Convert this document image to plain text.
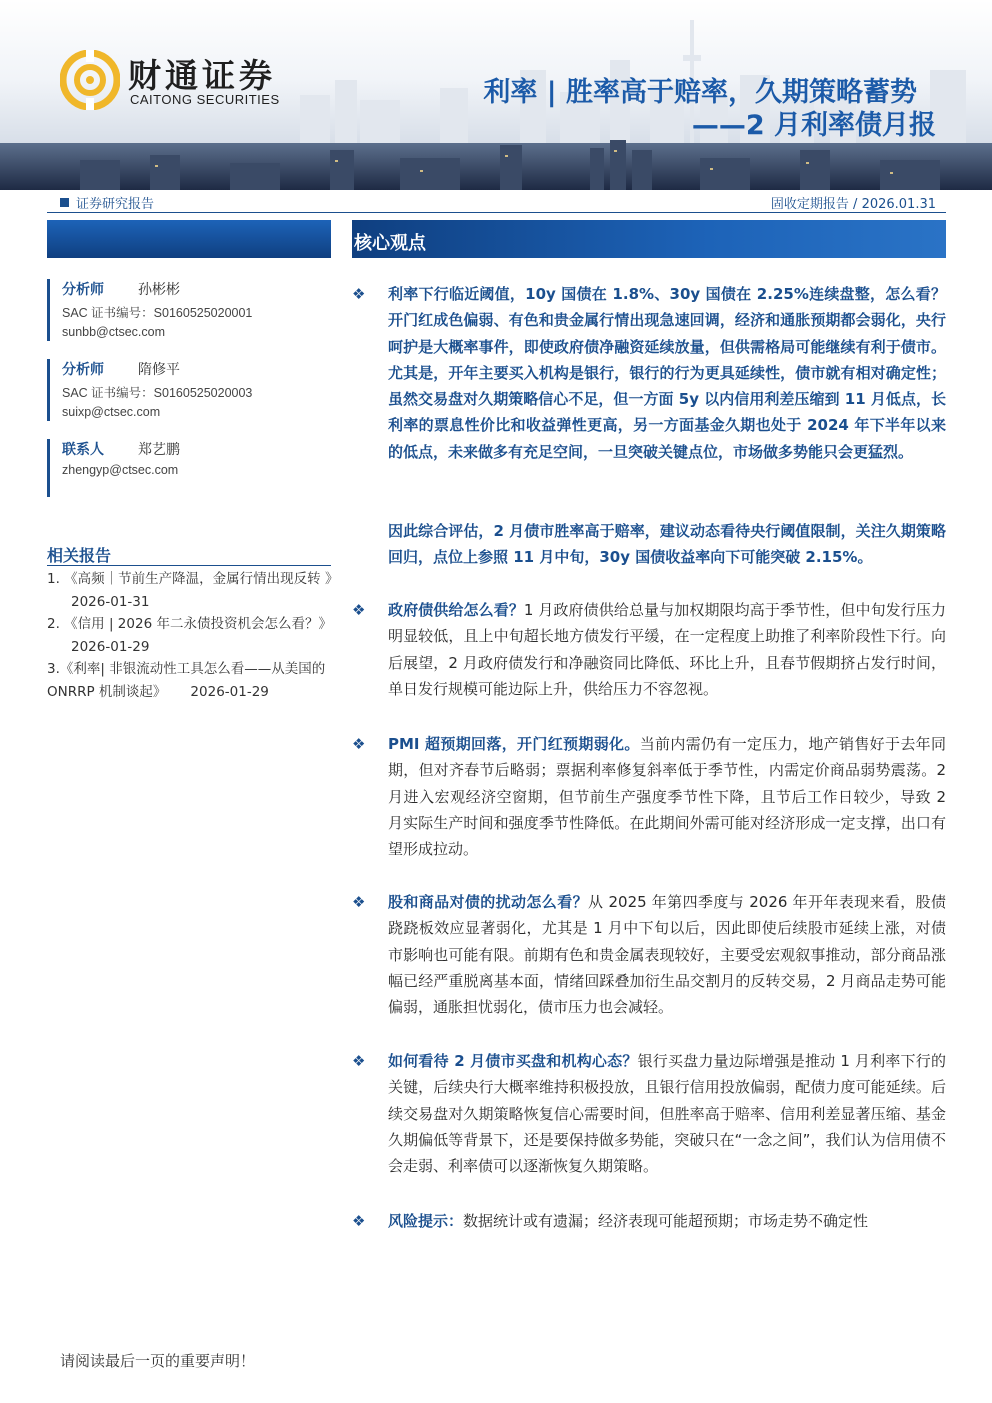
财通证券
CAITONG SECURITIES	利率 | 胜率高于赔率，久期策略蓄势
——2 月利率债月报
证券研究报告	固收定期报告 / 2026.01.31
核心观点
分析师 孙彬彬
SAC 证书编号：S0160525020001
sunbb@ctsec.com
分析师 隋修平
SAC 证书编号：S0160525020003
suixp@ctsec.com
联系人 郑艺鹏
zhengyp@ctsec.com
相关报告
1. 《高频｜节前生产降温，金属行情出现反转 》2026-01-31
2. 《信用 | 2026 年二永债投资机会怎么看？》2026-01-29
3.《利率| 非银流动性工具怎么看——从美国的 ONRRP 机制谈起》 2026-01-29
❖ 利率下行临近阈值，10y 国债在 1.8%、30y 国债在 2.25%连续盘整，怎么看？开门红成色偏弱、有色和贵金属行情出现急速回调，经济和通胀预期都会弱化，央行呵护是大概率事件，即使政府债净融资延续放量，但供需格局可能继续有利于债市。尤其是，开年主要买入机构是银行，银行的行为更具延续性，债市就有相对确定性；虽然交易盘对久期策略信心不足，但一方面 5y 以内信用利差压缩到 11 月低点，长利率的票息性价比和收益弹性更高，另一方面基金久期也处于 2024 年下半年以来的低点，未来做多有充足空间，一旦突破关键点位，市场做多势能只会更猛烈。
因此综合评估，2 月债市胜率高于赔率，建议动态看待央行阈值限制，关注久期策略回归，点位上参照 11 月中旬，30y 国债收益率向下可能突破 2.15%。
❖ 政府债供给怎么看？1 月政府债供给总量与加权期限均高于季节性，但中旬发行压力明显较低，且上中旬超长地方债发行平缓，在一定程度上助推了利率阶段性下行。向后展望，2 月政府债发行和净融资同比降低、环比上升，且春节假期挤占发行时间，单日发行规模可能边际上升，供给压力不容忽视。
❖ PMI 超预期回落，开门红预期弱化。当前内需仍有一定压力，地产销售好于去年同期，但对齐春节后略弱；票据利率修复斜率低于季节性，内需定价商品弱势震荡。2 月进入宏观经济空窗期，但节前生产强度季节性下降，且节后工作日较少，导致 2 月实际生产时间和强度季节性降低。在此期间外需可能对经济形成一定支撑，出口有望形成拉动。
❖ 股和商品对债的扰动怎么看？从 2025 年第四季度与 2026 年开年表现来看，股债跷跷板效应显著弱化，尤其是 1 月中下旬以后，因此即使后续股市延续上涨，对债市影响也可能有限。前期有色和贵金属表现较好，主要受宏观叙事推动，部分商品涨幅已经严重脱离基本面，情绪回踩叠加衍生品交割月的反转交易，2 月商品走势可能偏弱，通胀担忧弱化，债市压力也会减轻。
❖ 如何看待 2 月债市买盘和机构心态？银行买盘力量边际增强是推动 1 月利率下行的关键，后续央行大概率维持积极投放，且银行信用投放偏弱，配债力度可能延续。后续交易盘对久期策略恢复信心需要时间，但胜率高于赔率、信用利差显著压缩、基金久期偏低等背景下，还是要保持做多势能，突破只在“一念之间”，我们认为信用债不会走弱、利率债可以逐渐恢复久期策略。
❖ 风险提示：数据统计或有遗漏；经济表现可能超预期；市场走势不确定性
请阅读最后一页的重要声明！
